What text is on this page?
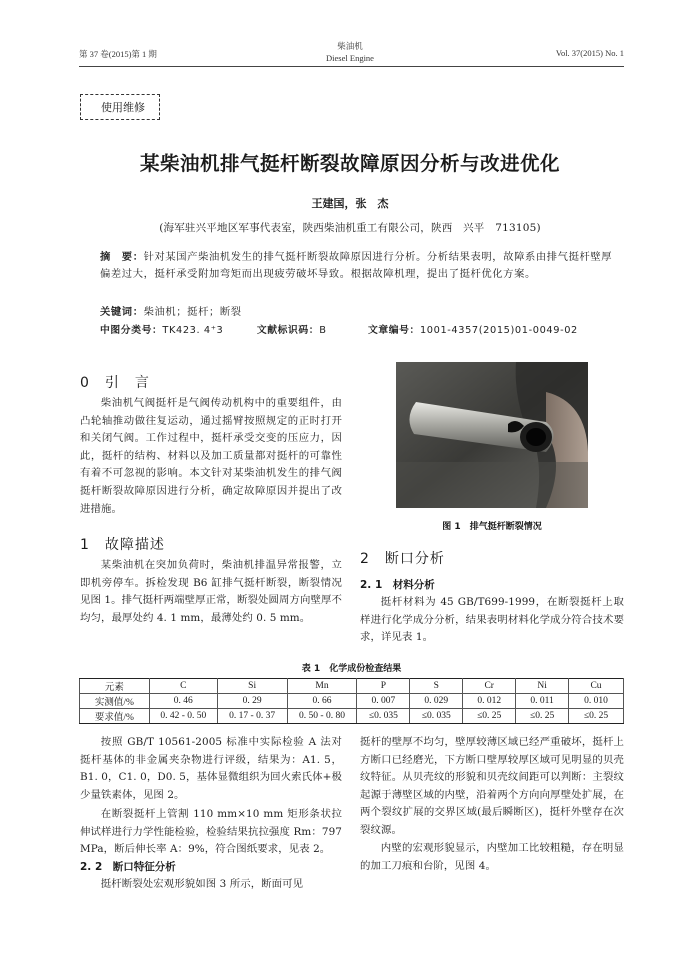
第 37 卷(2015)第 1 期
柴油机
Diesel Engine	Vol. 37(2015) No. 1
使用维修
某柴油机排气挺杆断裂故障原因分析与改进优化
王建国，张　杰
(海军驻兴平地区军事代表室，陕西柴油机重工有限公司，陕西　兴平　713105)
摘　要：针对某国产柴油机发生的排气挺杆断裂故障原因进行分析。分析结果表明，故障系由排气挺杆壁厚偏差过大，挺杆承受附加弯矩而出现疲劳破坏导致。根据故障机理，提出了挺杆优化方案。
关键词：柴油机；挺杆；断裂
中图分类号：TK423. 4⁺3	文献标识码：B	文章编号：1001-4357(2015)01-0049-02
0　引　言
柴油机气阀挺杆是气阀传动机构中的重要组件，由凸轮轴推动做往复运动，通过摇臂按照规定的正时打开和关闭气阀。工作过程中，挺杆承受交变的压应力，因此，挺杆的结构、材料以及加工质量都对挺杆的可靠性有着不可忽视的影响。本文针对某柴油机发生的排气阀挺杆断裂故障原因进行分析，确定故障原因并提出了改进措施。
1　故障描述
某柴油机在突加负荷时，柴油机排温异常报警，立即机旁停车。拆检发现 B6 缸排气挺杆断裂，断裂情况见图 1。排气挺杆两端壁厚正常，断裂处圆周方向壁厚不均匀，最厚处约 4. 1 mm，最薄处约 0. 5 mm。
图 1　排气挺杆断裂情况
2　断口分析
2. 1　材料分析
挺杆材料为 45 GB/T699-1999，在断裂挺杆上取样进行化学成分分析，结果表明材料化学成分符合技术要求，详见表 1。
表 1　化学成份检查结果
元素	C	Si	Mn	P	S	Cr	Ni	Cu
实测值/%	0. 46	0. 29	0. 66	0. 007	0. 029	0. 012	0. 011	0. 010
要求值/%	0. 42 - 0. 50	0. 17 - 0. 37	0. 50 - 0. 80	≤0. 035	≤0. 035	≤0. 25	≤0. 25	≤0. 25
按照 GB/T 10561-2005 标准中实际检验 A 法对挺杆基体的非金属夹杂物进行评级，结果为：A1. 5，B1. 0，C1. 0，D0. 5，基体显微组织为回火索氏体+极少量铁素体，见图 2。
在断裂挺杆上管割 110 mm×10 mm 矩形条状拉伸试样进行力学性能检验，检验结果抗拉强度 Rm：797 MPa，断后伸长率 A：9%，符合图纸要求，见表 2。
2. 2　断口特征分析
挺杆断裂处宏观形貌如图 3 所示，断面可见
挺杆的壁厚不均匀，壁厚较薄区域已经严重破坏，挺杆上方断口已经磨光，下方断口壁厚较厚区域可见明显的贝壳纹特征。从贝壳纹的形貌和贝壳纹间距可以判断：主裂纹起源于薄壁区域的内壁，沿着两个方向向厚壁处扩展，在两个裂纹扩展的交界区域(最后瞬断区)，挺杆外壁存在次裂纹源。
内壁的宏观形貌显示，内壁加工比较粗糙，存在明显的加工刀痕和台阶，见图 4。
